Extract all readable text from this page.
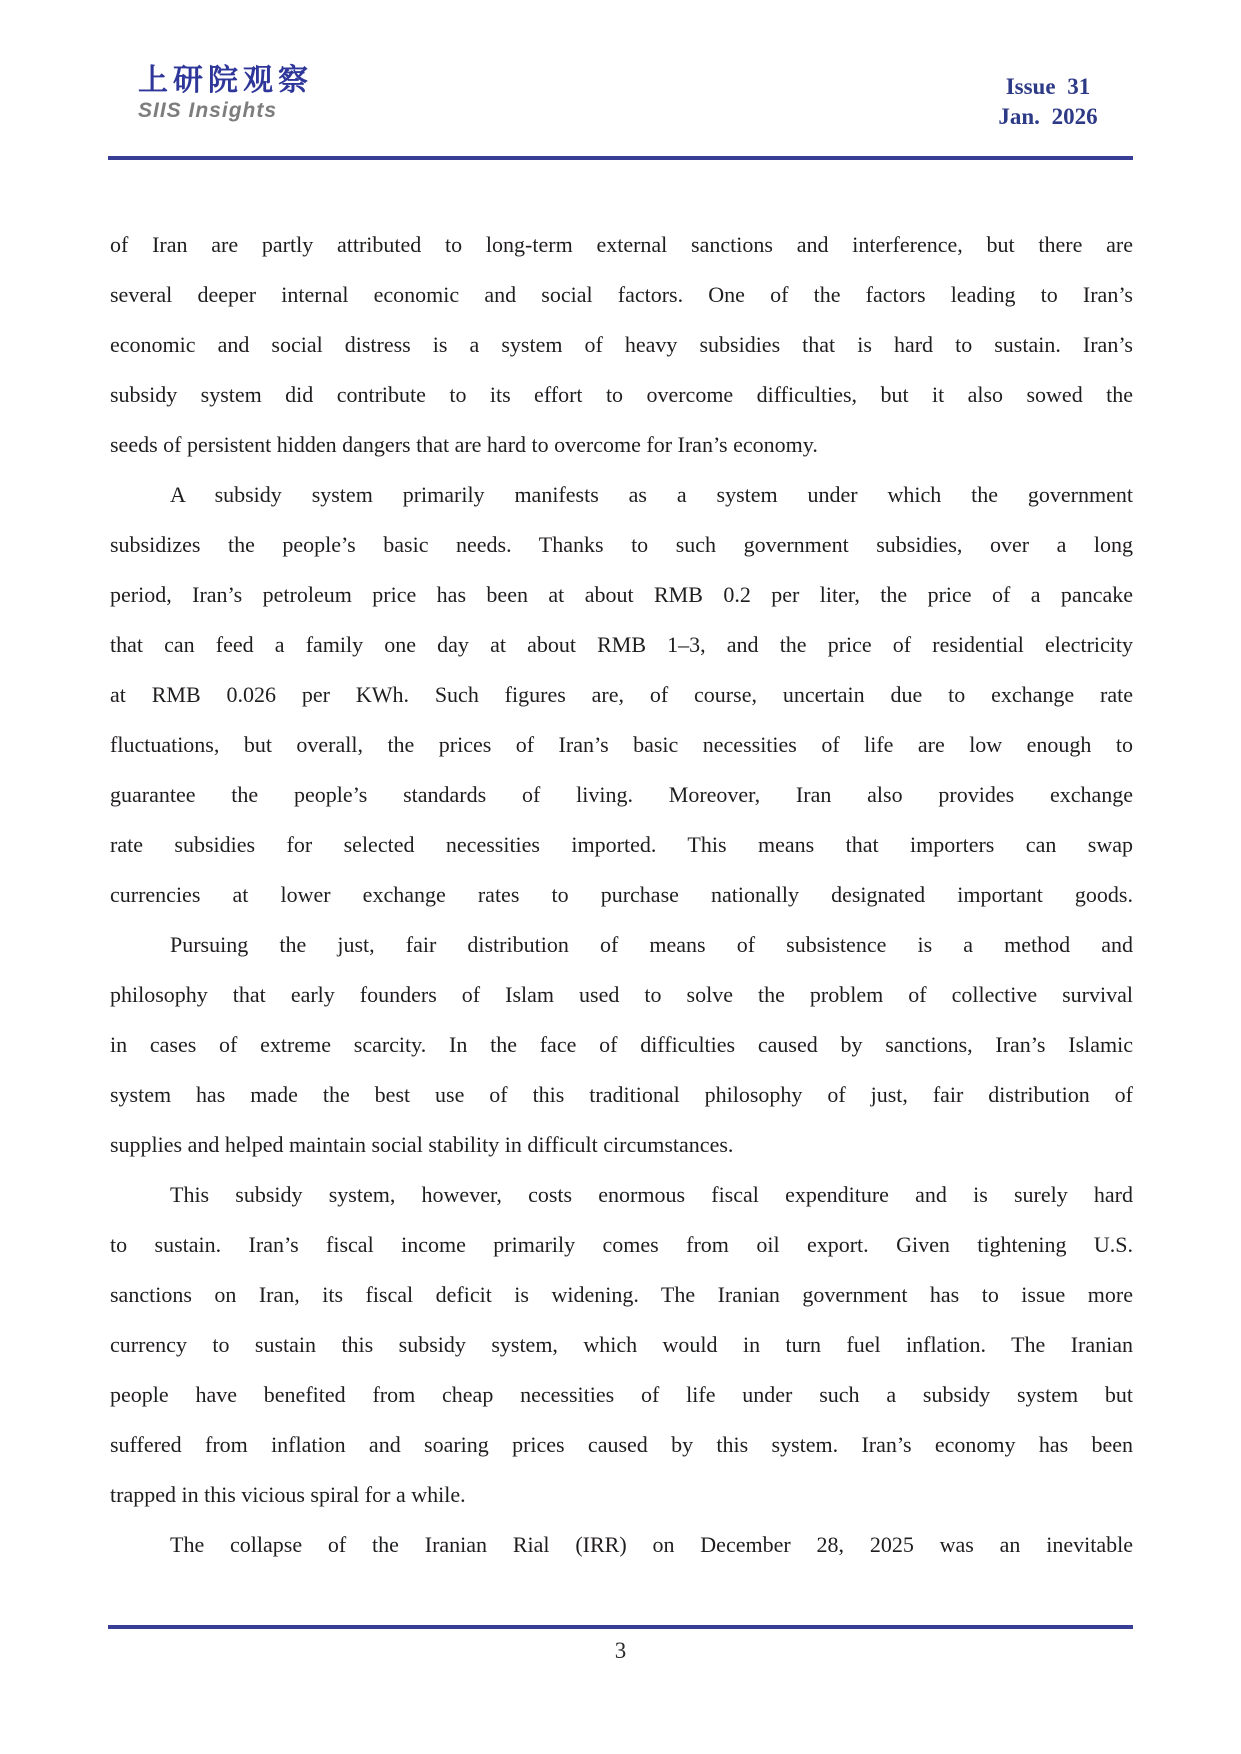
上研院观察
SIIS Insights
Issue 31
Jan. 2026
of Iran are partly attributed to long-term external sanctions and interference, but there are
several deeper internal economic and social factors. One of the factors leading to Iran’s
economic and social distress is a system of heavy subsidies that is hard to sustain. Iran’s
subsidy system did contribute to its effort to overcome difficulties, but it also sowed the
seeds of persistent hidden dangers that are hard to overcome for Iran’s economy.
A subsidy system primarily manifests as a system under which the government
subsidizes the people’s basic needs. Thanks to such government subsidies, over a long
period, Iran’s petroleum price has been at about RMB 0.2 per liter, the price of a pancake
that can feed a family one day at about RMB 1–3, and the price of residential electricity
at RMB 0.026 per KWh. Such figures are, of course, uncertain due to exchange rate
fluctuations, but overall, the prices of Iran’s basic necessities of life are low enough to
guarantee the people’s standards of living. Moreover, Iran also provides exchange
rate subsidies for selected necessities imported. This means that importers can swap
currencies at lower exchange rates to purchase nationally designated important goods.
Pursuing the just, fair distribution of means of subsistence is a method and
philosophy that early founders of Islam used to solve the problem of collective survival
in cases of extreme scarcity. In the face of difficulties caused by sanctions, Iran’s Islamic
system has made the best use of this traditional philosophy of just, fair distribution of
supplies and helped maintain social stability in difficult circumstances.
This subsidy system, however, costs enormous fiscal expenditure and is surely hard
to sustain. Iran’s fiscal income primarily comes from oil export. Given tightening U.S.
sanctions on Iran, its fiscal deficit is widening. The Iranian government has to issue more
currency to sustain this subsidy system, which would in turn fuel inflation. The Iranian
people have benefited from cheap necessities of life under such a subsidy system but
suffered from inflation and soaring prices caused by this system. Iran’s economy has been
trapped in this vicious spiral for a while.
The collapse of the Iranian Rial (IRR) on December 28, 2025 was an inevitable
3
